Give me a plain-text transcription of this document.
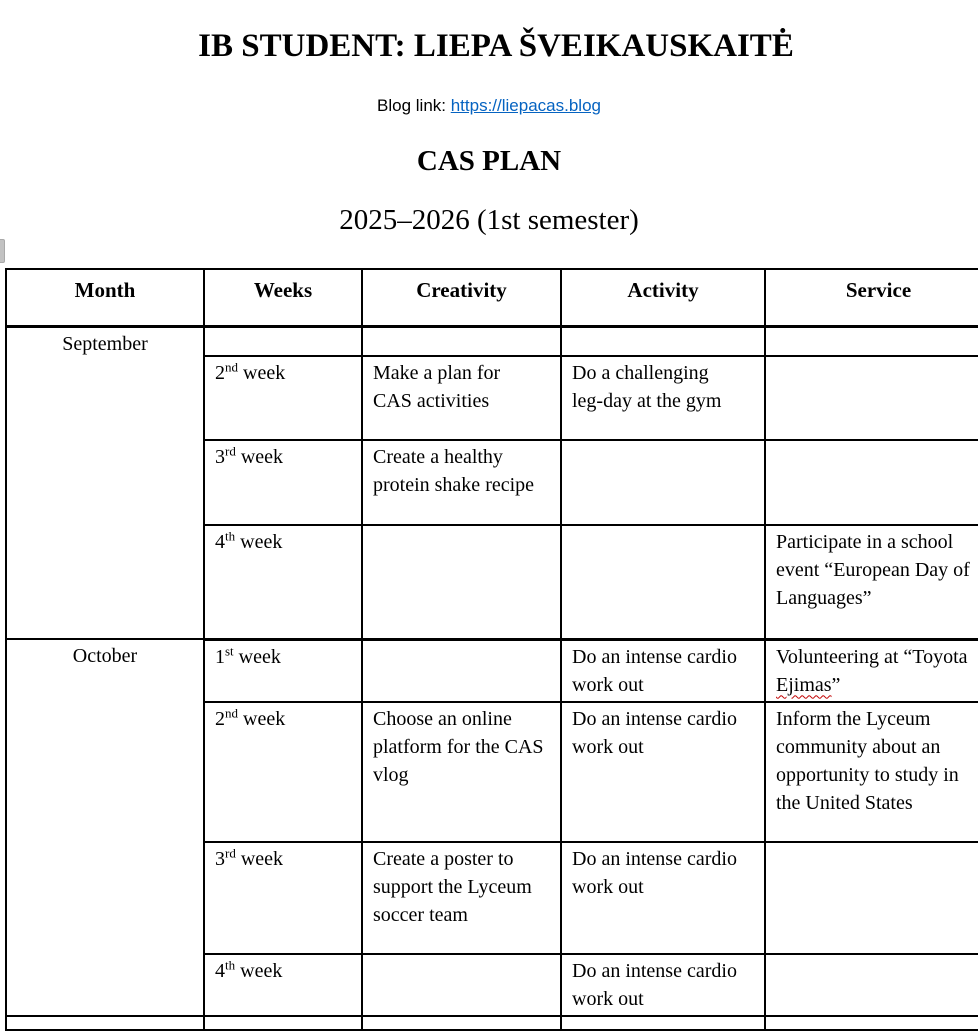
IB STUDENT: LIEPA ŠVEIKAUSKAITĖ

Blog link: https://liepacas.blog

CAS PLAN

2025–2026 (1st semester)

Month	Weeks	Creativity	Activity	Service
September				
	2nd week	Make a plan for CAS activities	Do a challenging leg-day at the gym	
	3rd week	Create a healthy protein shake recipe		
	4th week			Participate in a school event “European Day of Languages”
October	1st week		Do an intense cardio work out	Volunteering at “Toyota Ejimas”
	2nd week	Choose an online platform for the CAS vlog	Do an intense cardio work out	Inform the Lyceum community about an opportunity to study in the United States
	3rd week	Create a poster to support the Lyceum soccer team	Do an intense cardio work out	
	4th week		Do an intense cardio work out	
